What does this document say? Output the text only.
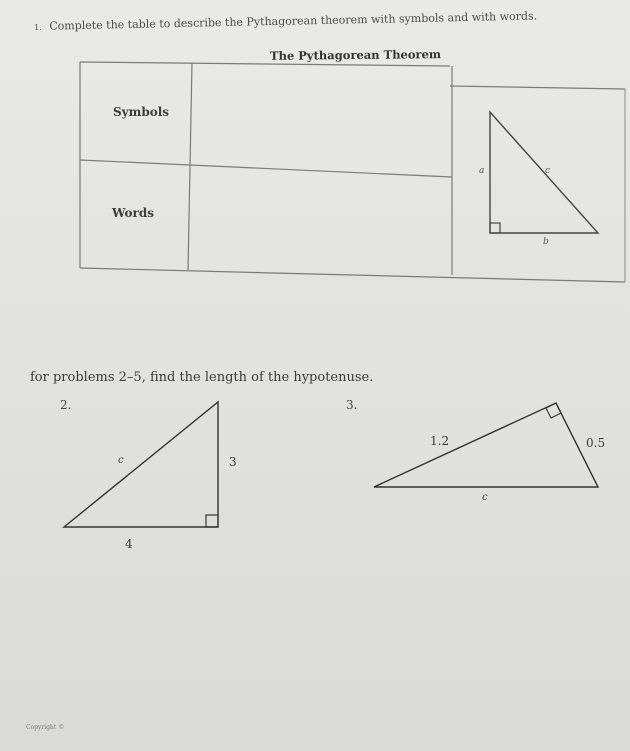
1. Complete the table to describe the Pythagorean theorem with symbols and with words.
The Pythagorean Theorem
Symbols
Words
a	c
b
for problems 2–5, find the length of the hypotenuse.
2.
c	3
4
3.
1.2	0.5
c
Copyright ©
